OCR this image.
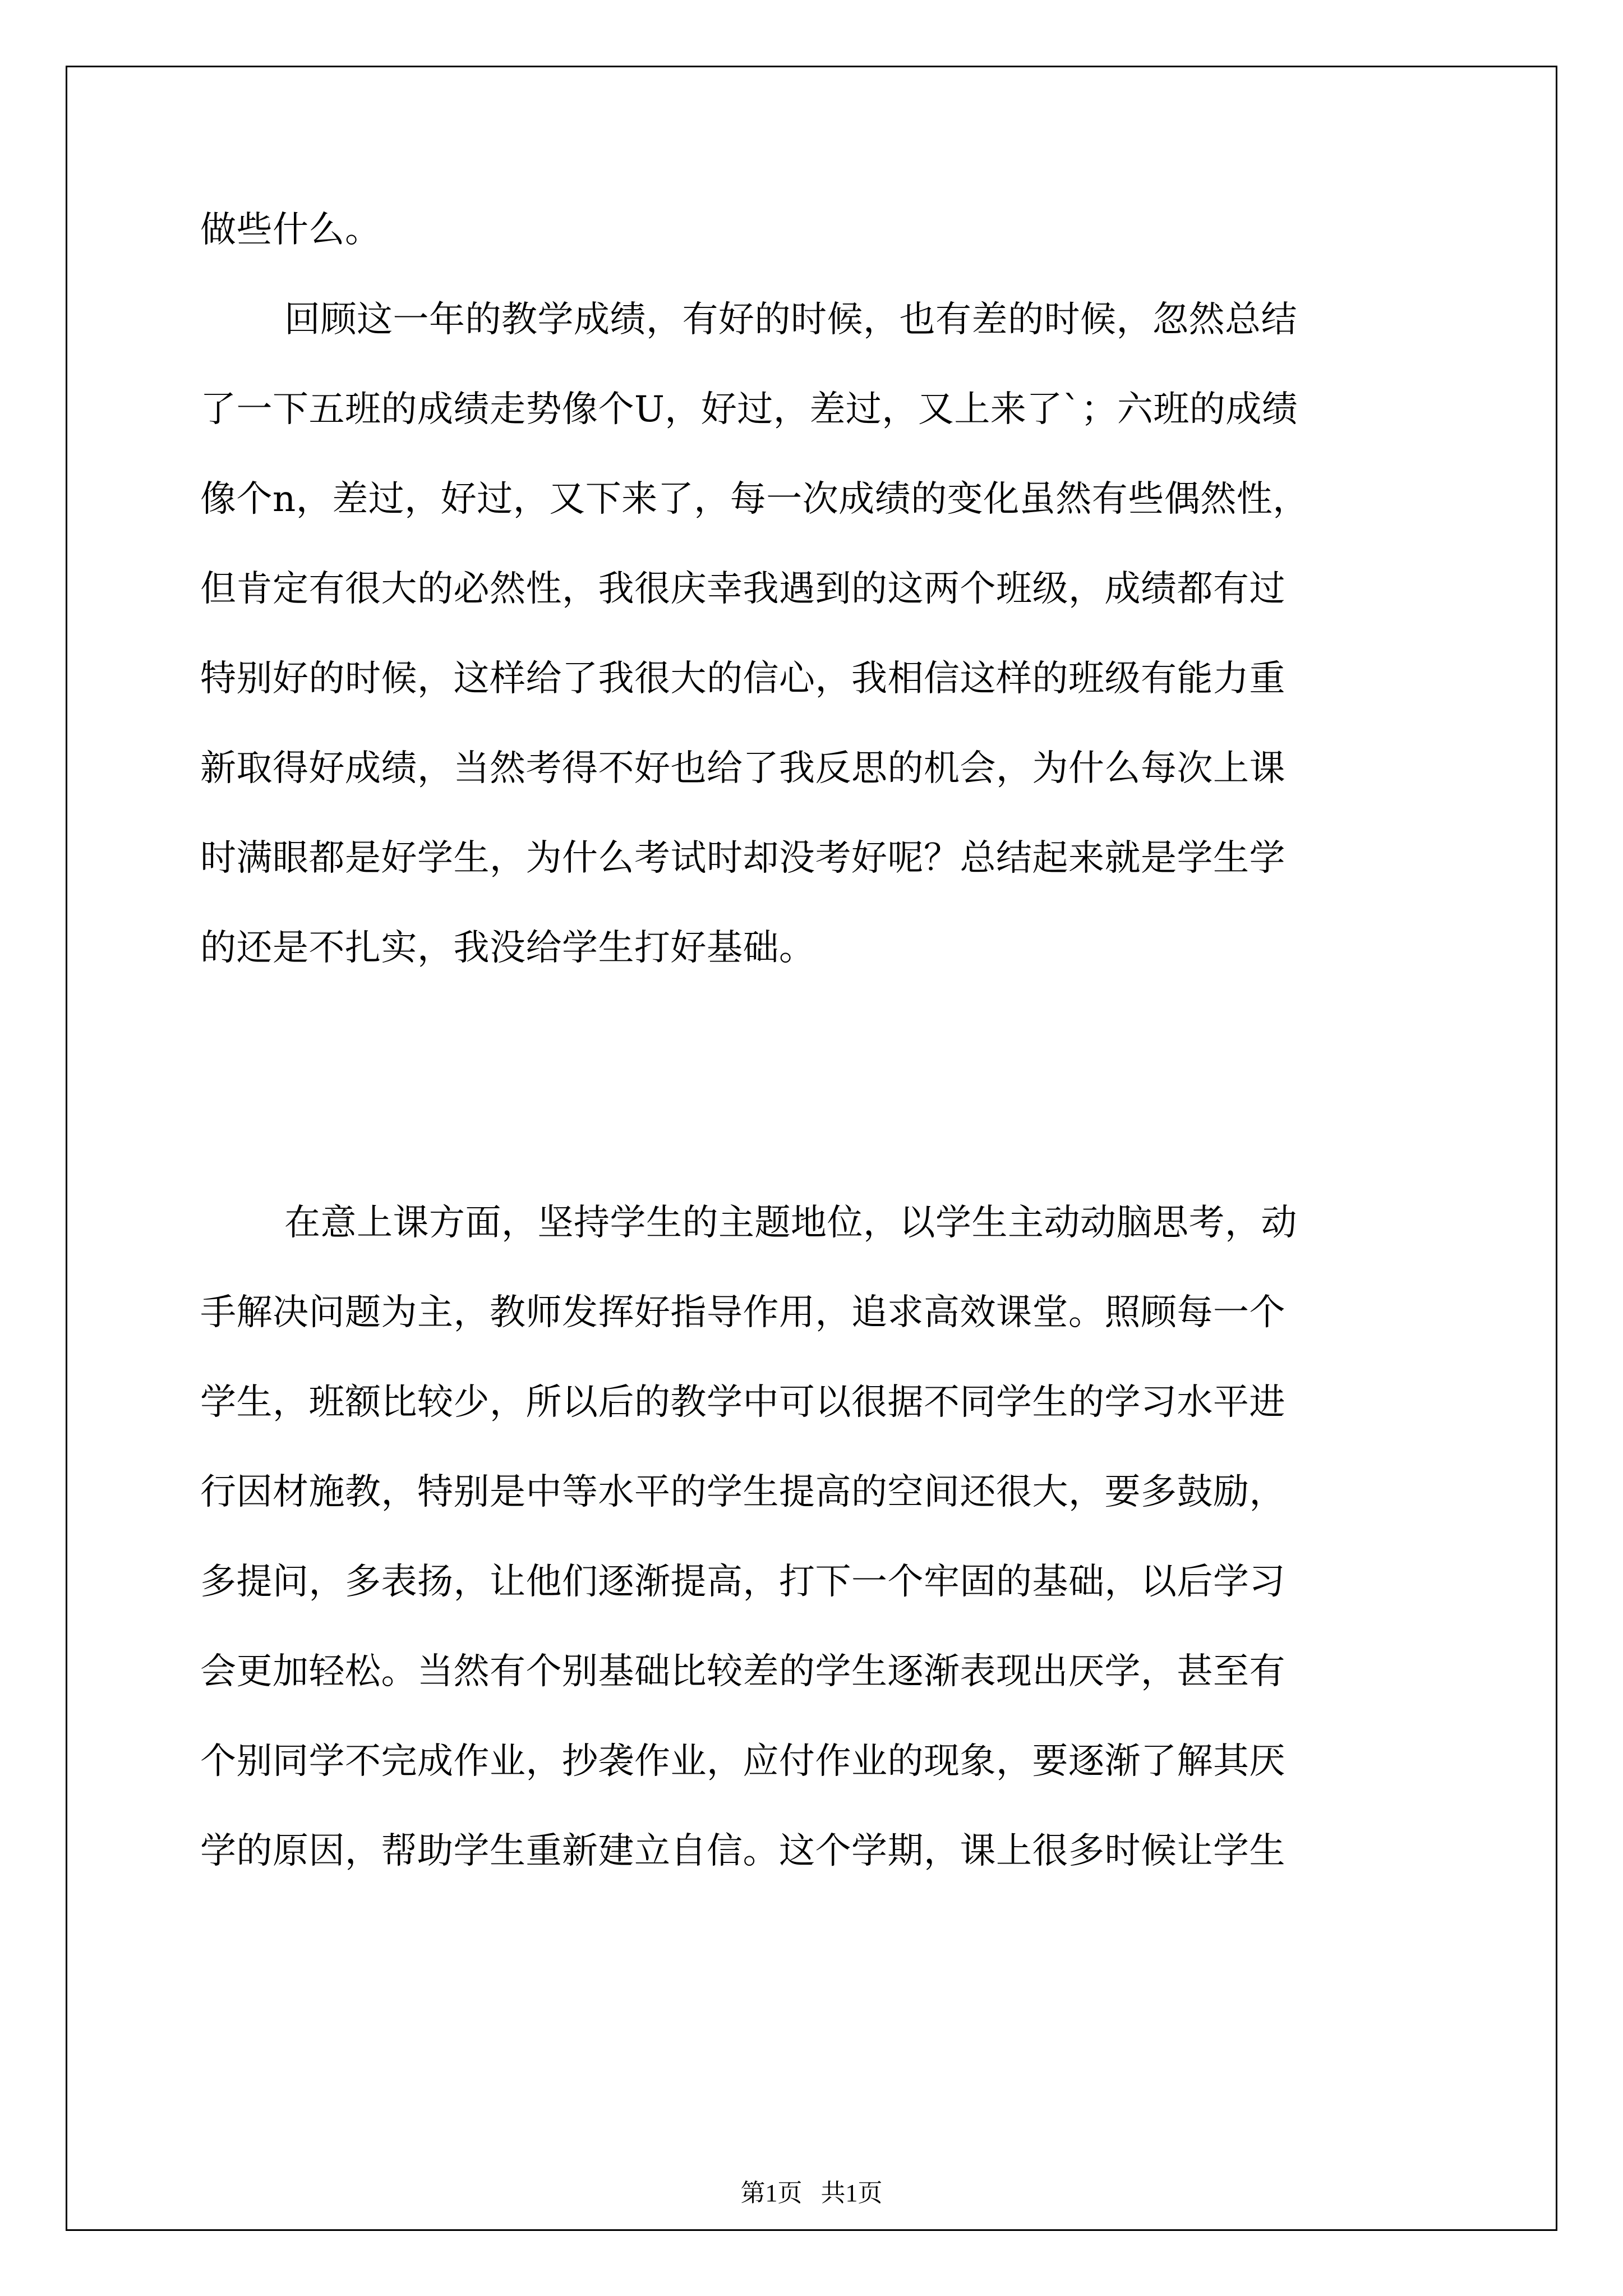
做些什么。
回顾这一年的教学成绩，有好的时候，也有差的时候，忽然总结
了一下五班的成绩走势像个U，好过，差过，又上来了`；六班的成绩
像个n，差过，好过，又下来了，每一次成绩的变化虽然有些偶然性，
但肯定有很大的必然性，我很庆幸我遇到的这两个班级，成绩都有过
特别好的时候，这样给了我很大的信心，我相信这样的班级有能力重
新取得好成绩，当然考得不好也给了我反思的机会，为什么每次上课
时满眼都是好学生，为什么考试时却没考好呢？总结起来就是学生学
的还是不扎实，我没给学生打好基础。
在意上课方面，坚持学生的主题地位，以学生主动动脑思考，动
手解决问题为主，教师发挥好指导作用，追求高效课堂。照顾每一个
学生，班额比较少，所以后的教学中可以很据不同学生的学习水平进
行因材施教，特别是中等水平的学生提高的空间还很大，要多鼓励，
多提问，多表扬，让他们逐渐提高，打下一个牢固的基础，以后学习
会更加轻松。当然有个别基础比较差的学生逐渐表现出厌学，甚至有
个别同学不完成作业，抄袭作业，应付作业的现象，要逐渐了解其厌
学的原因，帮助学生重新建立自信。这个学期，课上很多时候让学生
第1页   共1页
